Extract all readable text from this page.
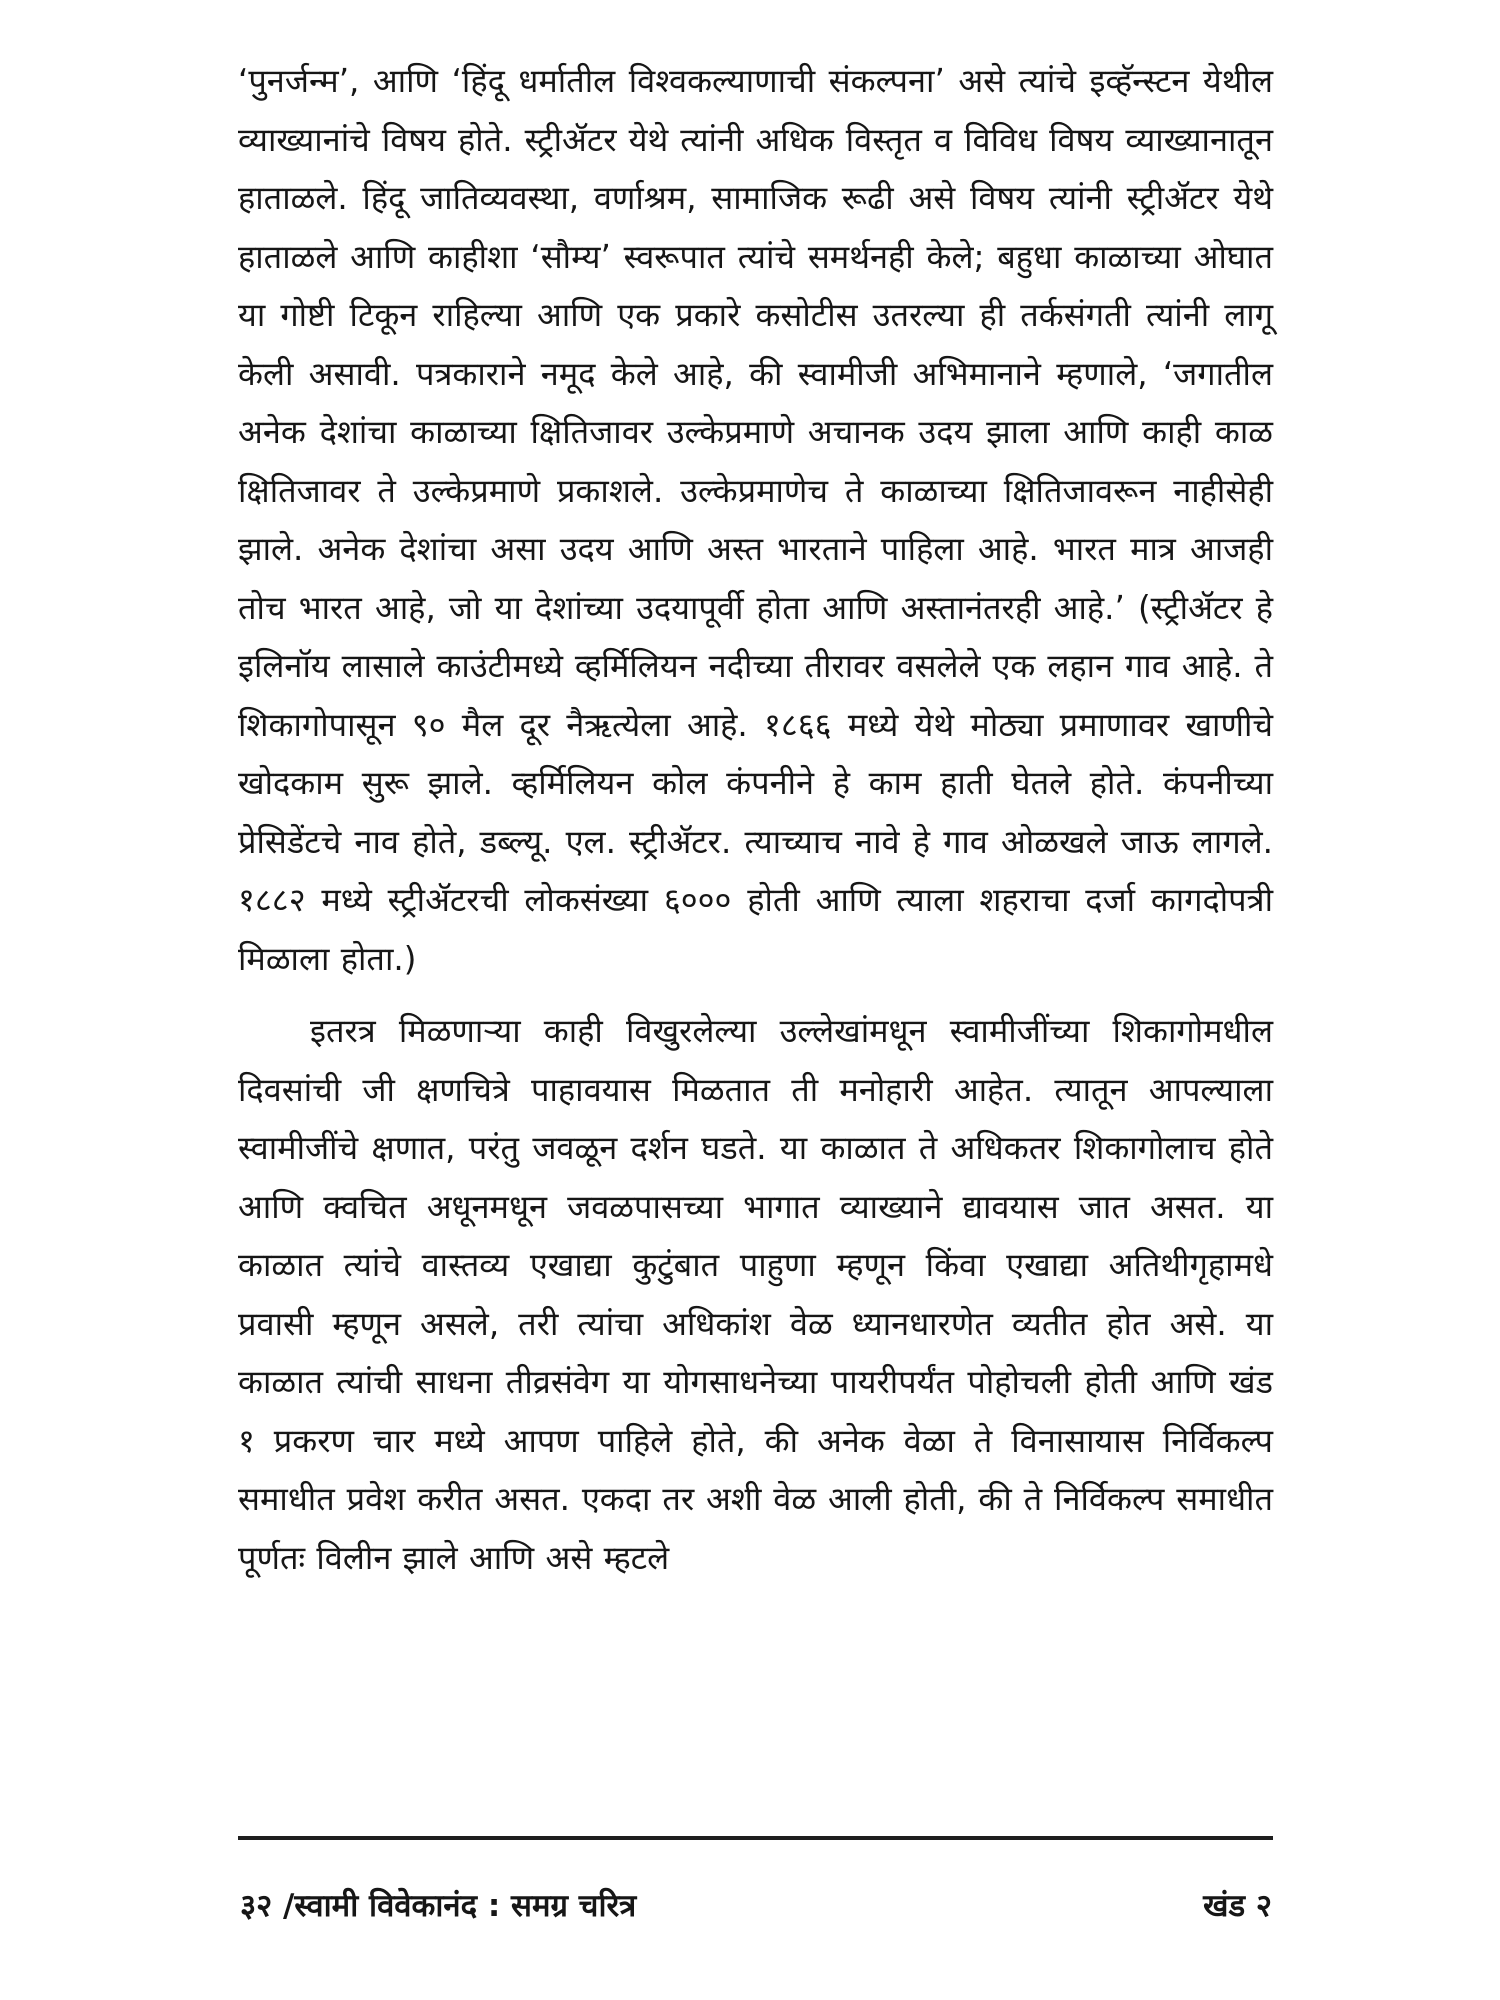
‘पुनर्जन्म’, आणि ‘हिंदू धर्मातील विश्वकल्याणाची संकल्पना’ असे त्यांचे इव्हॅन्स्टन येथील व्याख्यानांचे विषय होते. स्ट्रीॲटर येथे त्यांनी अधिक विस्तृत व विविध विषय व्याख्यानातून हाताळले. हिंदू जातिव्यवस्था, वर्णाश्रम, सामाजिक रूढी असे विषय त्यांनी स्ट्रीॲटर येथे हाताळले आणि काहीशा ‘सौम्य’ स्वरूपात त्यांचे समर्थनही केले; बहुधा काळाच्या ओघात या गोष्टी टिकून राहिल्या आणि एक प्रकारे कसोटीस उतरल्या ही तर्कसंगती त्यांनी लागू केली असावी. पत्रकाराने नमूद केले आहे, की स्वामीजी अभिमानाने म्हणाले, ‘जगातील अनेक देशांचा काळाच्या क्षितिजावर उल्केप्रमाणे अचानक उदय झाला आणि काही काळ क्षितिजावर ते उल्केप्रमाणे प्रकाशले. उल्केप्रमाणेच ते काळाच्या क्षितिजावरून नाहीसेही झाले. अनेक देशांचा असा उदय आणि अस्त भारताने पाहिला आहे. भारत मात्र आजही तोच भारत आहे, जो या देशांच्या उदयापूर्वी होता आणि अस्तानंतरही आहे.’ (स्ट्रीॲटर हे इलिनॉय लासाले काउंटीमध्ये व्हर्मिलियन नदीच्या तीरावर वसलेले एक लहान गाव आहे. ते शिकागोपासून ९० मैल दूर नैऋत्येला आहे. १८६६ मध्ये येथे मोठ्या प्रमाणावर खाणीचे खोदकाम सुरू झाले. व्हर्मिलियन कोल कंपनीने हे काम हाती घेतले होते. कंपनीच्या प्रेसिडेंटचे नाव होते, डब्ल्यू. एल. स्ट्रीॲटर. त्याच्याच नावे हे गाव ओळखले जाऊ लागले. १८८२ मध्ये स्ट्रीॲटरची लोकसंख्या ६००० होती आणि त्याला शहराचा दर्जा कागदोपत्री मिळाला होता.)

इतरत्र मिळणाऱ्या काही विखुरलेल्या उल्लेखांमधून स्वामीजींच्या शिकागोमधील दिवसांची जी क्षणचित्रे पाहावयास मिळतात ती मनोहारी आहेत. त्यातून आपल्याला स्वामीजींचे क्षणात, परंतु जवळून दर्शन घडते. या काळात ते अधिकतर शिकागोलाच होते आणि क्वचित अधूनमधून जवळपासच्या भागात व्याख्याने द्यावयास जात असत. या काळात त्यांचे वास्तव्य एखाद्या कुटुंबात पाहुणा म्हणून किंवा एखाद्या अतिथीगृहामधे प्रवासी म्हणून असले, तरी त्यांचा अधिकांश वेळ ध्यानधारणेत व्यतीत होत असे. या काळात त्यांची साधना तीव्रसंवेग या योगसाधनेच्या पायरीपर्यंत पोहोचली होती आणि खंड १ प्रकरण चार मध्ये आपण पाहिले होते, की अनेक वेळा ते विनासायास निर्विकल्प समाधीत प्रवेश करीत असत. एकदा तर अशी वेळ आली होती, की ते निर्विकल्प समाधीत पूर्णतः विलीन झाले आणि असे म्हटले

३२ /स्वामी विवेकानंद : समग्र चरित्र	खंड २
